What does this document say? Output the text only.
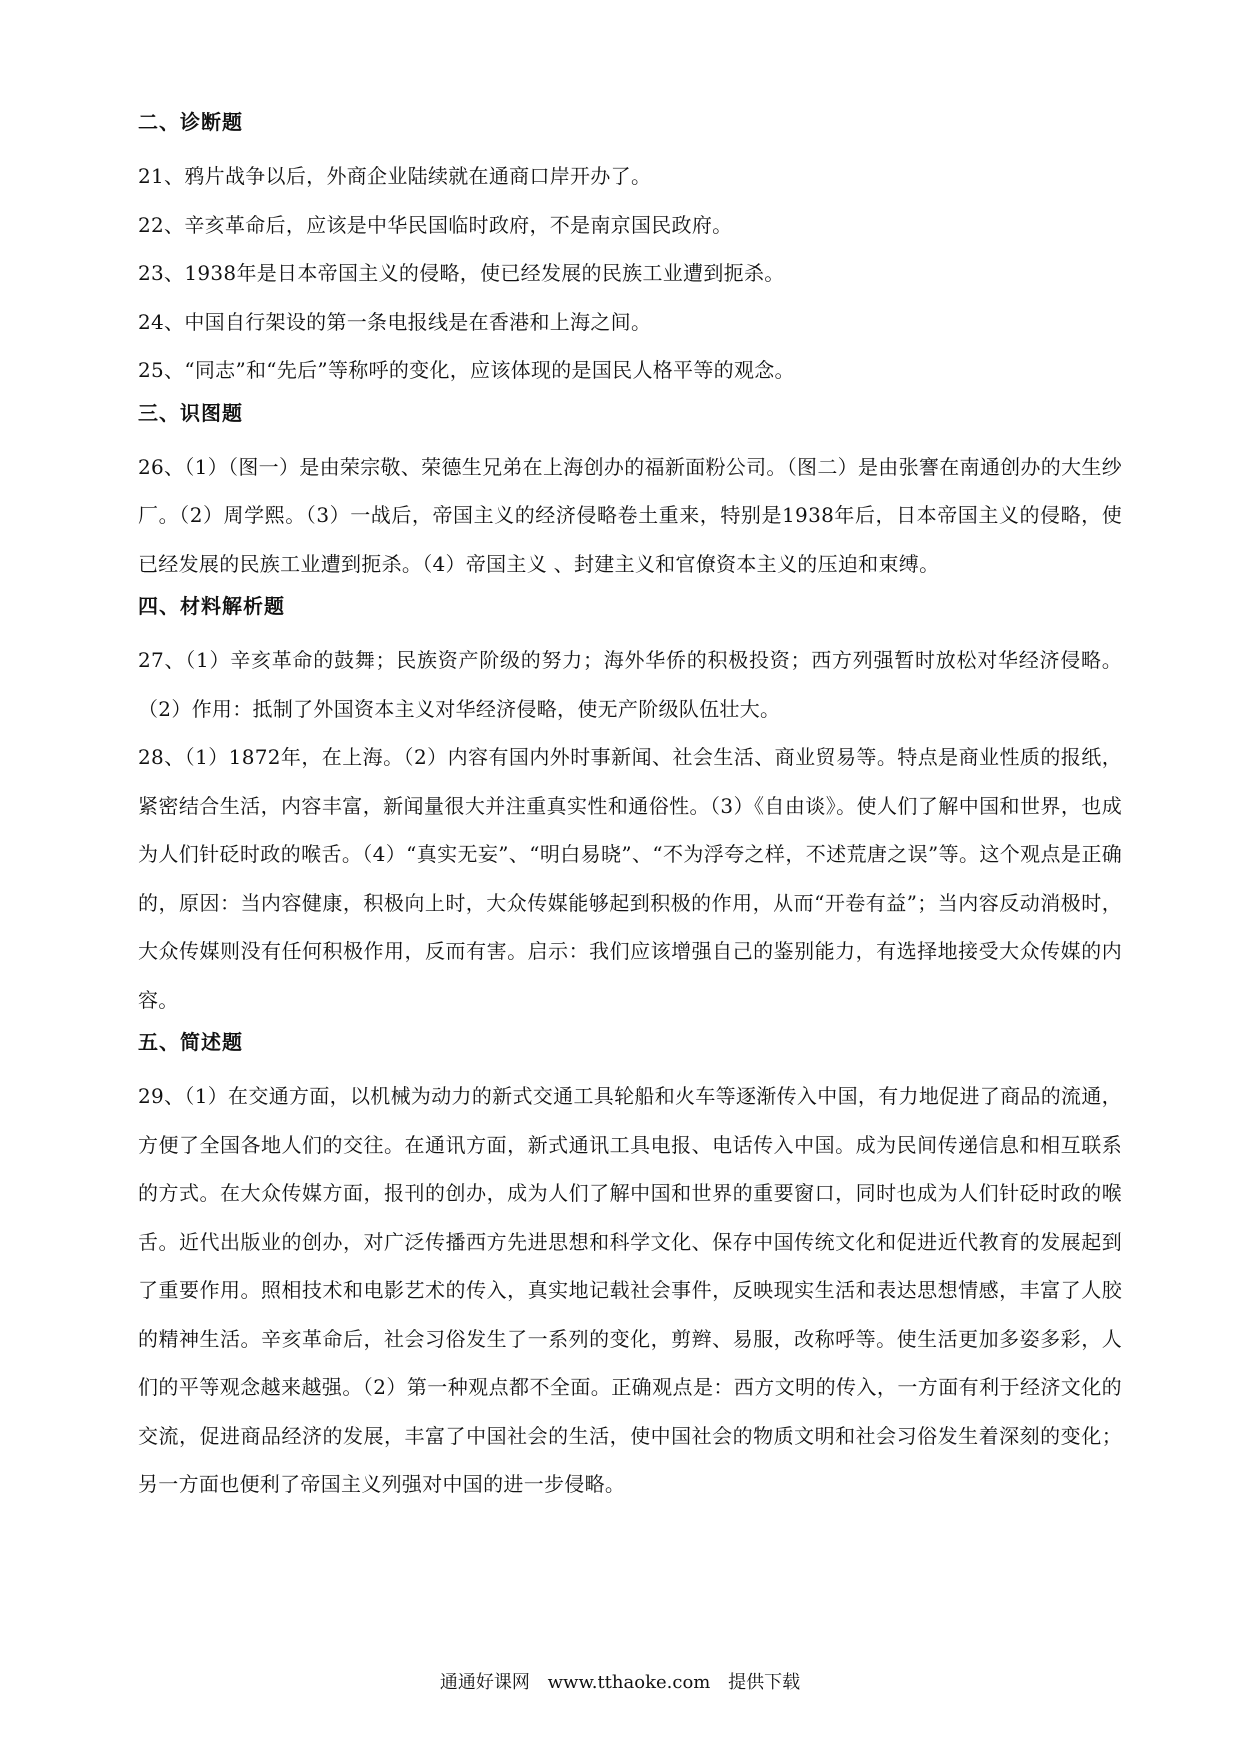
二、诊断题

21、鸦片战争以后，外商企业陆续就在通商口岸开办了。

22、辛亥革命后，应该是中华民国临时政府，不是南京国民政府。

23、1938年是日本帝国主义的侵略，使已经发展的民族工业遭到扼杀。

24、中国自行架设的第一条电报线是在香港和上海之间。

25、“同志”和“先后”等称呼的变化，应该体现的是国民人格平等的观念。

三、识图题

26、（1）（图一）是由荣宗敬、荣德生兄弟在上海创办的福新面粉公司。（图二）是由张謇在南通创办的大生纱厂。（2）周学熙。（3）一战后，帝国主义的经济侵略卷土重来，特别是1938年后，日本帝国主义的侵略，使已经发展的民族工业遭到扼杀。（4）帝国主义 、封建主义和官僚资本主义的压迫和束缚。

四、材料解析题

27、（1）辛亥革命的鼓舞；民族资产阶级的努力；海外华侨的积极投资；西方列强暂时放松对华经济侵略。（2）作用：抵制了外国资本主义对华经济侵略，使无产阶级队伍壮大。

28、（1）1872年，在上海。（2）内容有国内外时事新闻、社会生活、商业贸易等。特点是商业性质的报纸，紧密结合生活，内容丰富，新闻量很大并注重真实性和通俗性。（3）《自由谈》。使人们了解中国和世界，也成为人们针砭时政的喉舌。（4）“真实无妄”、“明白易晓”、“不为浮夸之样，不述荒唐之误”等。这个观点是正确的，原因：当内容健康，积极向上时，大众传媒能够起到积极的作用，从而“开卷有益”；当内容反动消极时，大众传媒则没有任何积极作用，反而有害。启示：我们应该增强自己的鉴别能力，有选择地接受大众传媒的内容。

五、简述题

29、（1）在交通方面，以机械为动力的新式交通工具轮船和火车等逐渐传入中国，有力地促进了商品的流通，方便了全国各地人们的交往。在通讯方面，新式通讯工具电报、电话传入中国。成为民间传递信息和相互联系的方式。在大众传媒方面，报刊的创办，成为人们了解中国和世界的重要窗口，同时也成为人们针砭时政的喉舌。近代出版业的创办，对广泛传播西方先进思想和科学文化、保存中国传统文化和促进近代教育的发展起到了重要作用。照相技术和电影艺术的传入，真实地记载社会事件，反映现实生活和表达思想情感，丰富了人胶的精神生活。辛亥革命后，社会习俗发生了一系列的变化，剪辫、易服，改称呼等。使生活更加多姿多彩，人们的平等观念越来越强。（2）第一种观点都不全面。正确观点是：西方文明的传入，一方面有利于经济文化的交流，促进商品经济的发展，丰富了中国社会的生活，使中国社会的物质文明和社会习俗发生着深刻的变化；另一方面也便利了帝国主义列强对中国的进一步侵略。

通通好课网 www.tthaoke.com 提供下载
